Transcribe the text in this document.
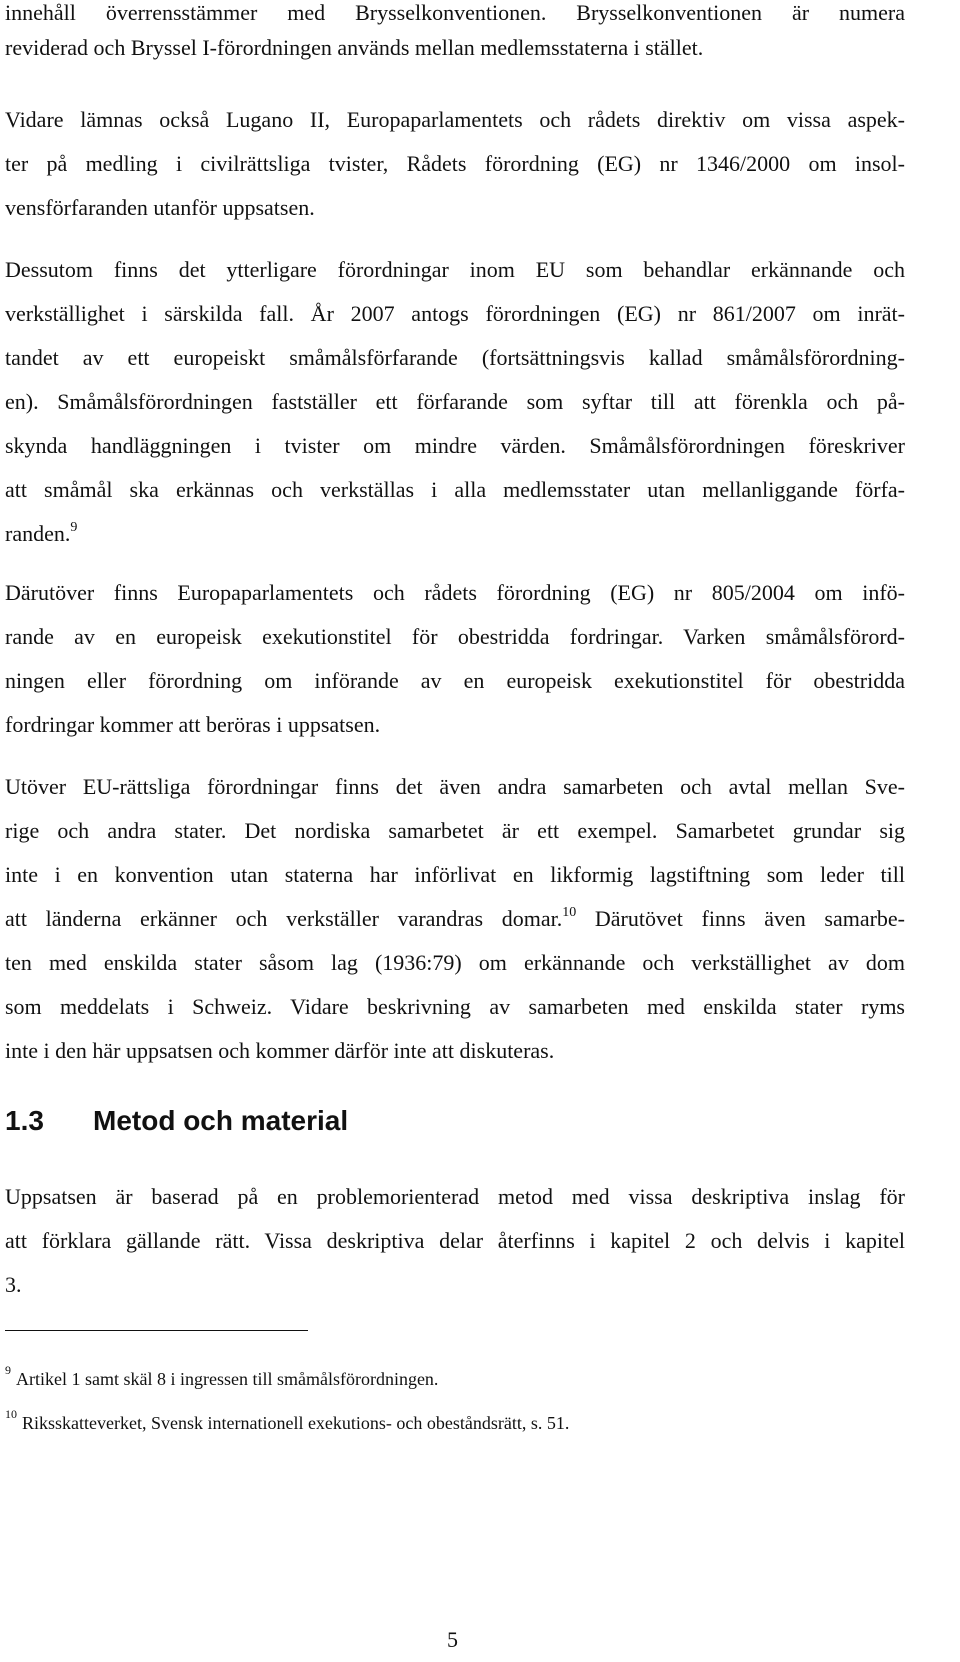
innehåll överrensstämmer med Brysselkonventionen. Brysselkonventionen är numera
reviderad och Bryssel I-förordningen används mellan medlemsstaterna i stället.
Vidare lämnas också Lugano II, Europaparlamentets och rådets direktiv om vissa aspek-
ter på medling i civilrättsliga tvister, Rådets förordning (EG) nr 1346/2000 om insol-
vensförfaranden utanför uppsatsen.
Dessutom finns det ytterligare förordningar inom EU som behandlar erkännande och
verkställighet i särskilda fall. År 2007 antogs förordningen (EG) nr 861/2007 om inrät-
tandet av ett europeiskt småmålsförfarande (fortsättningsvis kallad småmålsförordning-
en). Småmålsförordningen fastställer ett förfarande som syftar till att förenkla och på-
skynda handläggningen i tvister om mindre värden. Småmålsförordningen föreskriver
att småmål ska erkännas och verkställas i alla medlemsstater utan mellanliggande förfa-
randen.$^9$
Därutöver finns Europaparlamentets och rådets förordning (EG) nr 805/2004 om infö-
rande av en europeisk exekutionstitel för obestridda fordringar. Varken småmålsförord-
ningen eller förordning om införande av en europeisk exekutionstitel för obestridda
fordringar kommer att beröras i uppsatsen.
Utöver EU-rättsliga förordningar finns det även andra samarbeten och avtal mellan Sve-
rige och andra stater. Det nordiska samarbetet är ett exempel. Samarbetet grundar sig
inte i en konvention utan staterna har införlivat en likformig lagstiftning som leder till
att länderna erkänner och verkställer varandras domar.$^{10}$ Därutövet finns även samarbe-
ten med enskilda stater såsom lag (1936:79) om erkännande och verkställighet av dom
som meddelats i Schweiz. Vidare beskrivning av samarbeten med enskilda stater ryms
inte i den här uppsatsen och kommer därför inte att diskuteras.
1.3 Metod och material
Uppsatsen är baserad på en problemorienterad metod med vissa deskriptiva inslag för
att förklara gällande rätt. Vissa deskriptiva delar återfinns i kapitel 2 och delvis i kapitel
3.
$^9$ Artikel 1 samt skäl 8 i ingressen till småmålsförordningen.
$^{10}$ Riksskatteverket, Svensk internationell exekutions- och obeståndsrätt, s. 51.
5
